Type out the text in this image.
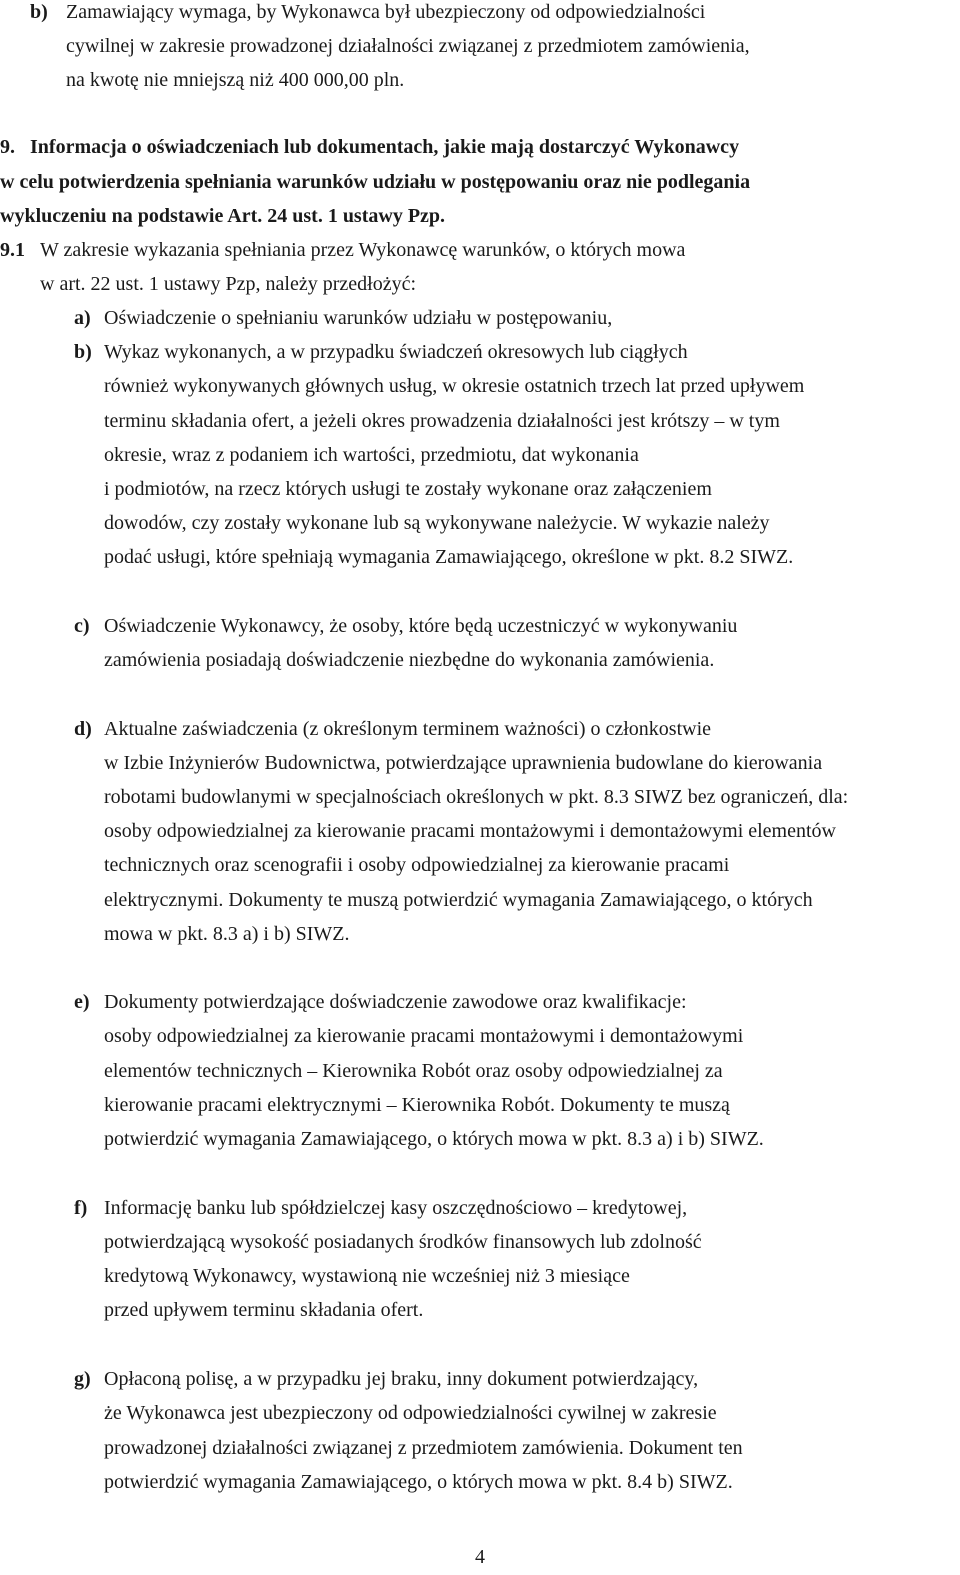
b) Zamawiający wymaga, by Wykonawca był ubezpieczony od odpowiedzialności
cywilnej w zakresie prowadzonej działalności związanej z przedmiotem zamówienia,
na kwotę nie mniejszą niż 400 000,00 pln.
9. Informacja o oświadczeniach lub dokumentach, jakie mają dostarczyć Wykonawcy
w celu potwierdzenia spełniania warunków udziału w postępowaniu oraz nie podlegania
wykluczeniu na podstawie Art. 24 ust. 1 ustawy Pzp.
9.1 W zakresie wykazania spełniania przez Wykonawcę warunków, o których mowa
w art. 22 ust. 1 ustawy Pzp, należy przedłożyć:
a) Oświadczenie o spełnianiu warunków udziału w postępowaniu,
b) Wykaz wykonanych, a w przypadku świadczeń okresowych lub ciągłych
również wykonywanych głównych usług, w okresie ostatnich trzech lat przed upływem
terminu składania ofert, a jeżeli okres prowadzenia działalności jest krótszy – w tym
okresie, wraz z podaniem ich wartości, przedmiotu, dat wykonania
i podmiotów, na rzecz których usługi te zostały wykonane oraz załączeniem
dowodów, czy zostały wykonane lub są wykonywane należycie. W wykazie należy
podać usługi, które spełniają wymagania Zamawiającego, określone w pkt. 8.2 SIWZ.
c) Oświadczenie Wykonawcy, że osoby, które będą uczestniczyć w wykonywaniu
zamówienia posiadają doświadczenie niezbędne do wykonania zamówienia.
d) Aktualne zaświadczenia (z określonym terminem ważności) o członkostwie
w Izbie Inżynierów Budownictwa, potwierdzające uprawnienia budowlane do kierowania
robotami budowlanymi w specjalnościach określonych w pkt. 8.3 SIWZ bez ograniczeń, dla:
osoby odpowiedzialnej za kierowanie pracami montażowymi i demontażowymi elementów
technicznych oraz scenografii i osoby odpowiedzialnej za kierowanie pracami
elektrycznymi. Dokumenty te muszą potwierdzić wymagania Zamawiającego, o których
mowa w pkt. 8.3 a) i b) SIWZ.
e) Dokumenty potwierdzające doświadczenie zawodowe oraz kwalifikacje:
osoby odpowiedzialnej za kierowanie pracami montażowymi i demontażowymi
elementów technicznych – Kierownika Robót oraz osoby odpowiedzialnej za
kierowanie pracami elektrycznymi – Kierownika Robót. Dokumenty te muszą
potwierdzić wymagania Zamawiającego, o których mowa w pkt. 8.3 a) i b) SIWZ.
f) Informację banku lub spółdzielczej kasy oszczędnościowo – kredytowej,
potwierdzającą wysokość posiadanych środków finansowych lub zdolność
kredytową Wykonawcy, wystawioną nie wcześniej niż 3 miesiące
przed upływem terminu składania ofert.
g) Opłaconą polisę, a w przypadku jej braku, inny dokument potwierdzający,
że Wykonawca jest ubezpieczony od odpowiedzialności cywilnej w zakresie
prowadzonej działalności związanej z przedmiotem zamówienia. Dokument ten
potwierdzić wymagania Zamawiającego, o których mowa w pkt. 8.4 b) SIWZ.
4
